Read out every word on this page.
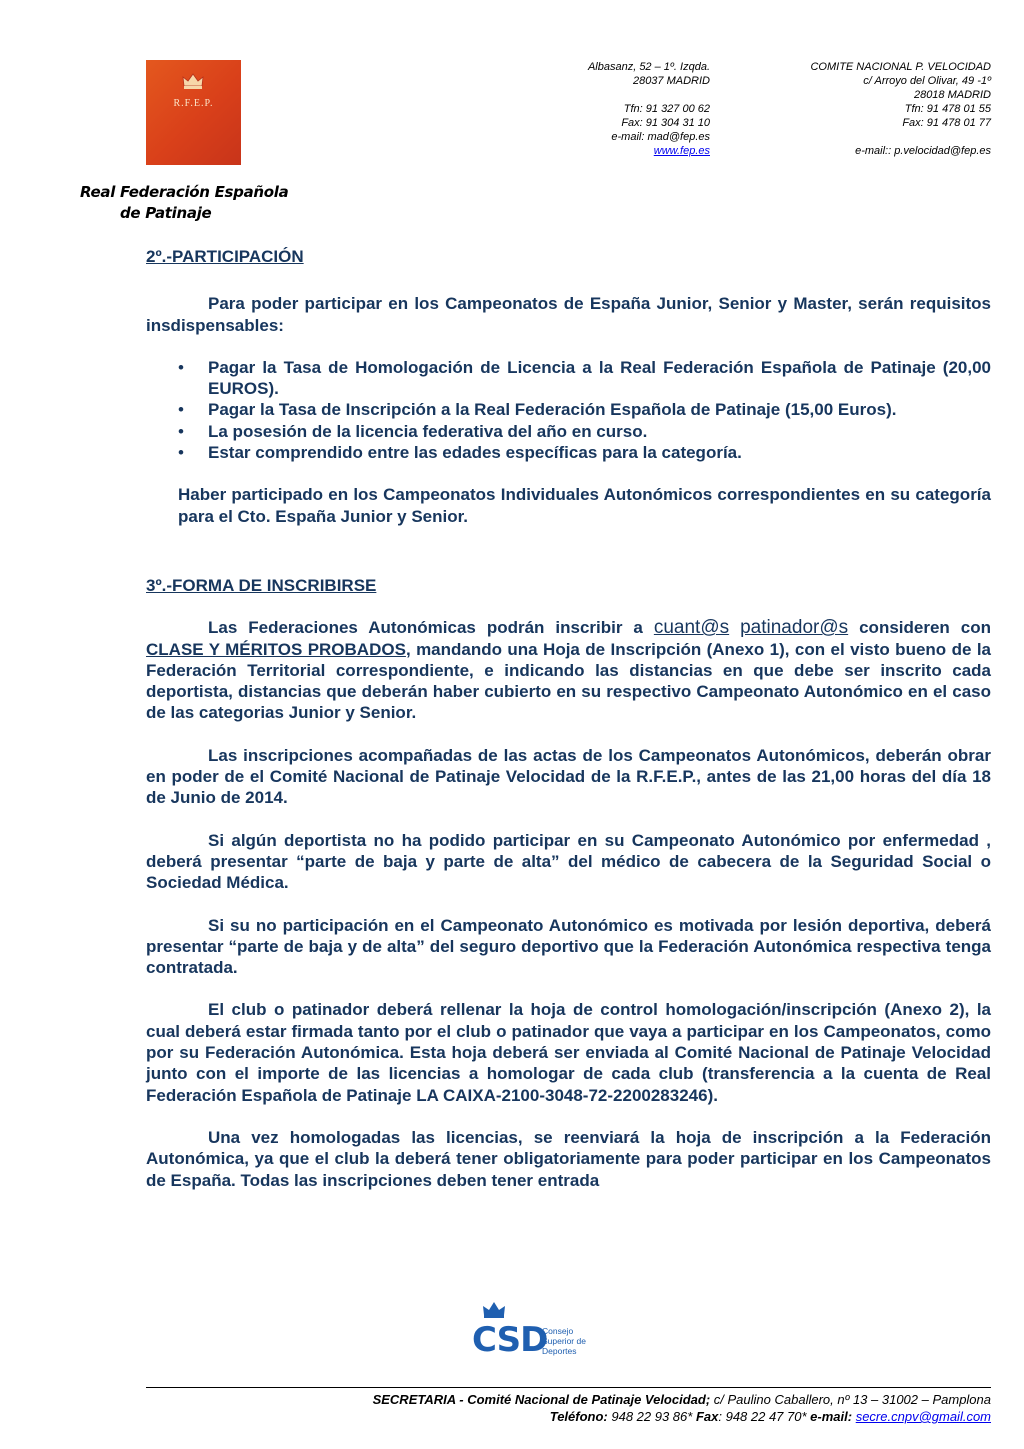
R.F.E.P.
Real Federación Española
de Patinaje
Albasanz, 52 – 1º. Izqda.
28037 MADRID
Tfn: 91 327 00 62
Fax: 91 304 31 10
e-mail: mad@fep.es
www.fep.es
COMITE NACIONAL P. VELOCIDAD
c/ Arroyo del Olivar, 49 -1º
28018 MADRID
Tfn: 91 478 01 55
Fax: 91 478 01 77
e-mail:: p.velocidad@fep.es

2º.-PARTICIPACIÓN

Para poder participar en los Campeonatos de España Junior, Senior y Master, serán requisitos insdispensables:

• Pagar la Tasa de Homologación de Licencia a la Real Federación Española de Patinaje (20,00 EUROS).
• Pagar la Tasa de Inscripción a la Real Federación Española de Patinaje (15,00 Euros).
• La posesión de la licencia federativa del año en curso.
• Estar comprendido entre las edades específicas para la categoría.

Haber participado en los Campeonatos Individuales Autonómicos correspondientes en su categoría para el Cto. España Junior y Senior.

3º.-FORMA DE INSCRIBIRSE

Las Federaciones Autonómicas podrán inscribir a cuant@s patinador@s consideren con CLASE Y MÉRITOS PROBADOS, mandando una Hoja de Inscripción (Anexo 1), con el visto bueno de la Federación Territorial correspondiente, e indicando las distancias en que debe ser inscrito cada deportista, distancias que deberán haber cubierto en su respectivo Campeonato Autonómico en el caso de las categorias Junior y Senior.

Las inscripciones acompañadas de las actas de los Campeonatos Autonómicos, deberán obrar en poder de el Comité Nacional de Patinaje Velocidad de la R.F.E.P., antes de las 21,00 horas del día 18 de Junio de 2014.

Si algún deportista no ha podido participar en su Campeonato Autonómico por enfermedad , deberá presentar “parte de baja y parte de alta” del médico de cabecera de la Seguridad Social o Sociedad Médica.

Si su no participación en el Campeonato Autonómico es motivada por lesión deportiva, deberá presentar “parte de baja y de alta” del seguro deportivo que la Federación Autonómica respectiva tenga contratada.

El club o patinador deberá rellenar la hoja de control homologación/inscripción (Anexo 2), la cual deberá estar firmada tanto por el club o patinador que vaya a participar en los Campeonatos, como por su Federación Autonómica. Esta hoja deberá ser enviada al Comité Nacional de Patinaje Velocidad junto con el importe de las licencias a homologar de cada club (transferencia a la cuenta de Real Federación Española de Patinaje LA CAIXA-2100-3048-72-2200283246).

Una vez homologadas las licencias, se reenviará la hoja de inscripción a la Federación Autonómica, ya que el club la deberá tener obligatoriamente para poder participar en los Campeonatos de España. Todas las inscripciones deben tener entrada

CSD
Consejo
Superior de
Deportes
SECRETARIA - Comité Nacional de Patinaje Velocidad; c/ Paulino Caballero, nº 13 – 31002 – Pamplona
Teléfono: 948 22 93 86* Fax: 948 22 47 70* e-mail: secre.cnpv@gmail.com
